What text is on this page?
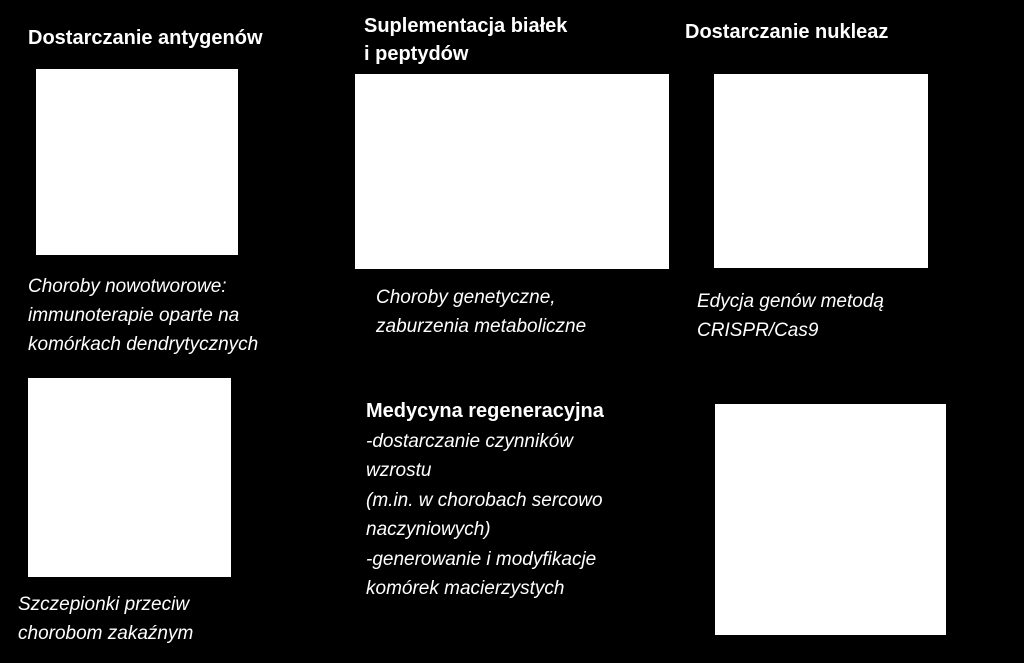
Dostarczanie antygenów
Choroby nowotworowe:
immunoterapie oparte na
komórkach dendrytycznych
Suplementacja białek
i peptydów
Choroby genetyczne,
zaburzenia metaboliczne
Dostarczanie nukleaz
Edycja genów metodą
CRISPR/Cas9
Szczepionki przeciw
chorobom zakaźnym
Medycyna regeneracyjna
-dostarczanie czynników
wzrostu
(m.in. w chorobach sercowo
naczyniowych)
-generowanie i modyfikacje
komórek macierzystych
